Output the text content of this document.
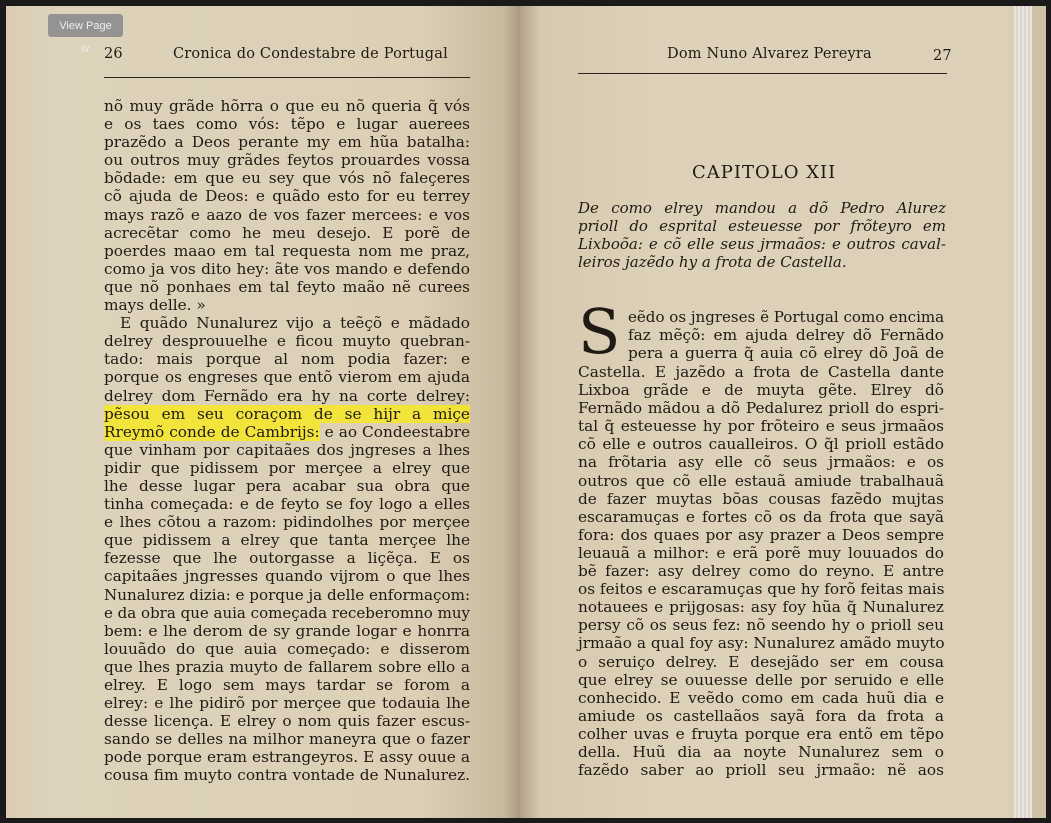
26	Cronica do Condestabre de Portugal
nõ muy grãde hõrra o que eu nõ queria q̃ vós
e os taes como vós: tẽpo e lugar auerees
prazẽdo a Deos perante my em hũa batalha:
ou outros muy grãdes feytos prouardes vossa
bõdade: em que eu sey que vós nõ faleçeres
cõ ajuda de Deos: e quãdo esto for eu terrey
mays razõ e aazo de vos fazer mercees: e vos
acrecẽtar como he meu desejo. E porẽ de
poerdes maao em tal requesta nom me praz,
como ja vos dito hey: ãte vos mando e defendo
que nõ ponhaes em tal feyto maão nẽ curees
mays delle. »
E quãdo Nunalurez vijo a teẽçõ e mãdado
delrey desprouuelhe e ficou muyto quebran-
tado: mais porque al nom podia fazer: e
porque os engreses que entõ vierom em ajuda
delrey dom Fernãdo era hy na corte delrey:
pẽsou em seu coraçom de se hijr a miçe
Rreymõ conde de Cambrijs: e ao Condeestabre
que vinham por capitaães dos jngreses a lhes
pidir que pidissem por merçee a elrey que
lhe desse lugar pera acabar sua obra que
tinha começada: e de feyto se foy logo a elles
e lhes cõtou a razom: pidindolhes por merçee
que pidissem a elrey que tanta merçee lhe
fezesse que lhe outorgasse a liçẽça. E os
capitaães jngresses quando vijrom o que lhes
Nunalurez dizia: e porque ja delle enformaçom:
e da obra que auia começada receberomno muy
bem: e lhe derom de sy grande logar e honrra
louuãdo do que auia começado: e disserom
que lhes prazia muyto de fallarem sobre ello a
elrey. E logo sem mays tardar se forom a
elrey: e lhe pidirõ por merçee que todauia lhe
desse licença. E elrey o nom quis fazer escus-
sando se delles na milhor maneyra que o fazer
pode porque eram estrangeyros. E assy ouue a
cousa fim muyto contra vontade de Nunalurez.
Dom Nuno Alvarez Pereyra	27
CAPITOLO XII
De como elrey mandou a dõ Pedro Alurez
prioll do esprital esteuesse por frõteyro em
Lixboõa: e cõ elle seus jrmaãos: e outros caval-
leiros jazẽdo hy a frota de Castella.
S eẽdo os jngreses ẽ Portugal como encima
faz mẽçõ: em ajuda delrey dõ Fernãdo
pera a guerra q̃ auia cõ elrey dõ Joã de
Castella. E jazẽdo a frota de Castella dante
Lixboa grãde e de muyta gẽte. Elrey dõ
Fernãdo mãdou a dõ Pedalurez prioll do espri-
tal q̃ esteuesse hy por frõteiro e seus jrmaãos
cõ elle e outros caualleiros. O q̃l prioll estãdo
na frõtaria asy elle cõ seus jrmaãos: e os
outros que cõ elle estauã amiude trabalhauã
de fazer muytas bõas cousas fazẽdo mujtas
escaramuças e fortes cõ os da frota que sayã
fora: dos quaes por asy prazer a Deos sempre
leuauã a milhor: e erã porẽ muy louuados do
bẽ fazer: asy delrey como do reyno. E antre
os feitos e escaramuças que hy forõ feitas mais
notauees e prijgosas: asy foy hũa q̃ Nunalurez
persy cõ os seus fez: nõ seendo hy o prioll seu
jrmaão a qual foy asy: Nunalurez amãdo muyto
o seruiço delrey. E desejãdo ser em cousa
que elrey se ouuesse delle por seruido e elle
conhecido. E veẽdo como em cada huũ dia e
amiude os castellaãos sayã fora da frota a
colher uvas e fruyta porque era entõ em tẽpo
della. Huũ dia aa noyte Nunalurez sem o
fazẽdo saber ao prioll seu jrmaão: nẽ aos
View Page iv
